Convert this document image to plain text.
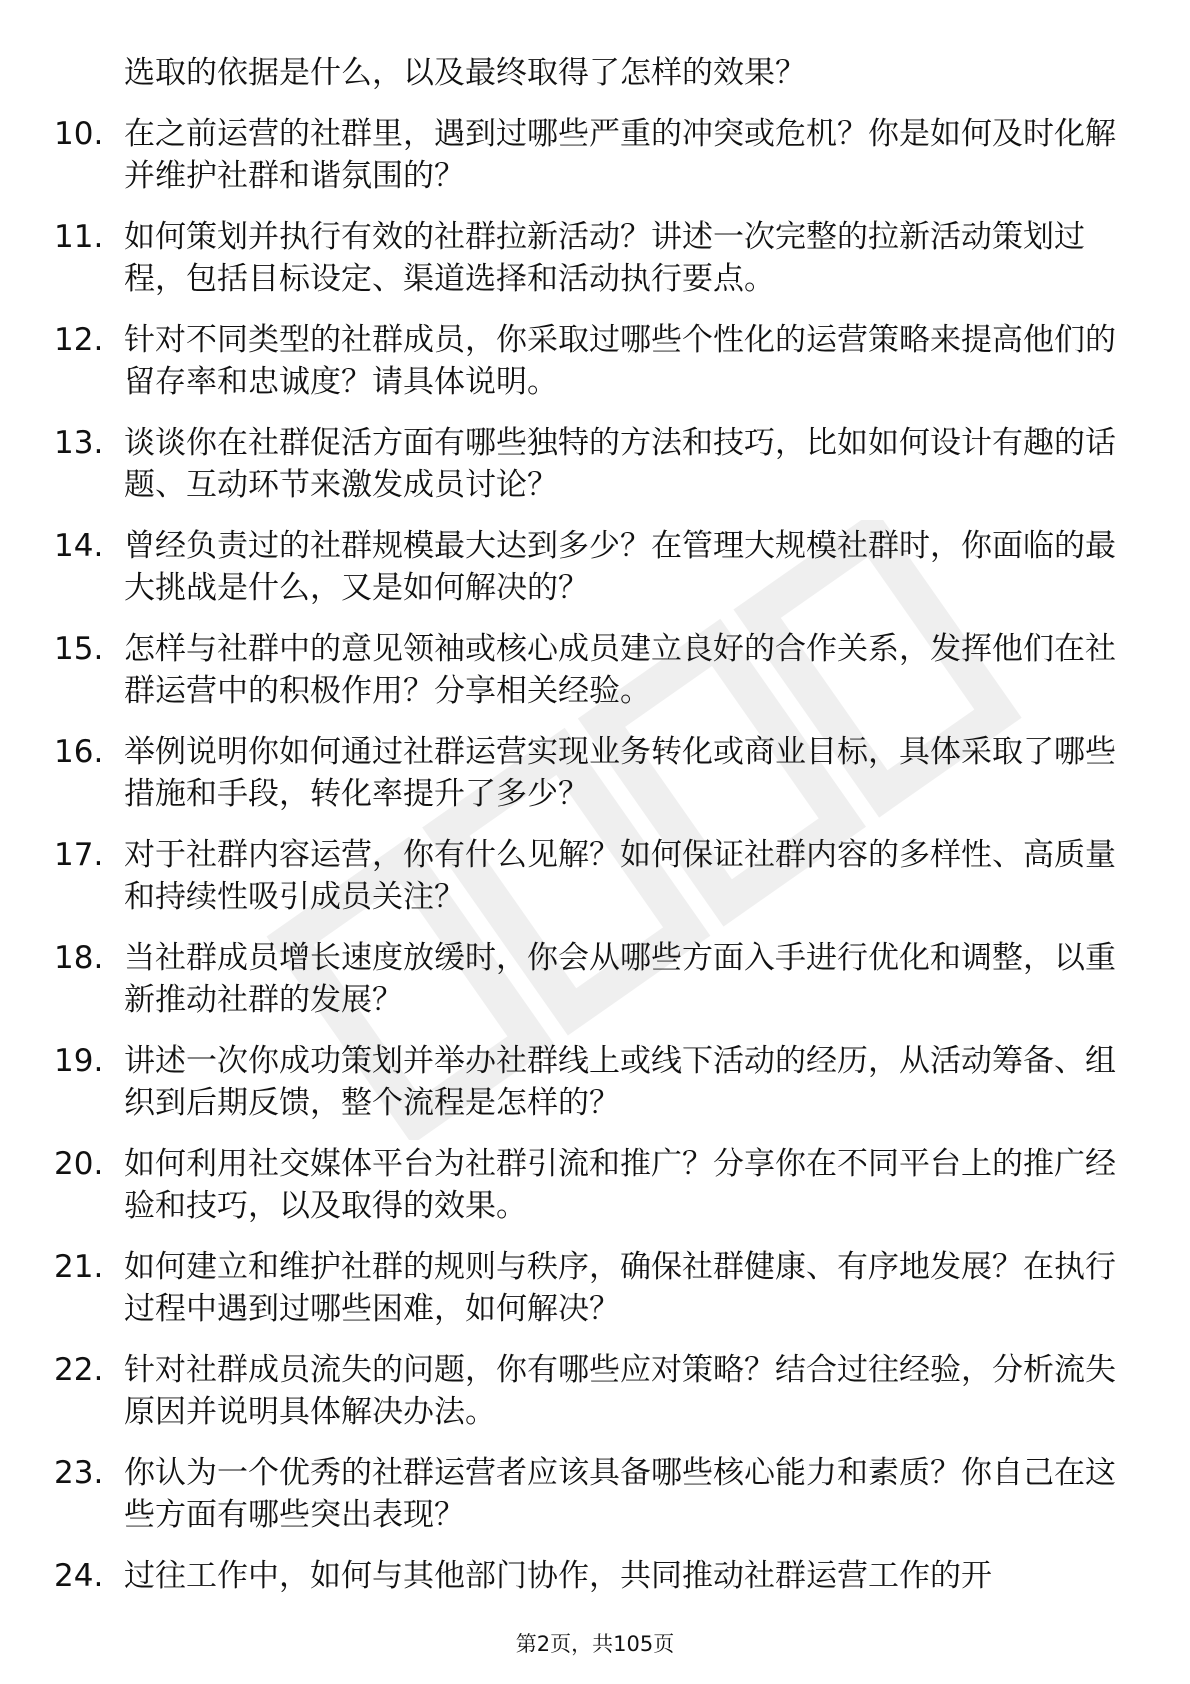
选取的依据是什么，以及最终取得了怎样的效果？
10. 在之前运营的社群里，遇到过哪些严重的冲突或危机？你是如何及时化解并维护社群和谐氛围的？
11. 如何策划并执行有效的社群拉新活动？讲述一次完整的拉新活动策划过程，包括目标设定、渠道选择和活动执行要点。
12. 针对不同类型的社群成员，你采取过哪些个性化的运营策略来提高他们的留存率和忠诚度？请具体说明。
13. 谈谈你在社群促活方面有哪些独特的方法和技巧，比如如何设计有趣的话题、互动环节来激发成员讨论？
14. 曾经负责过的社群规模最大达到多少？在管理大规模社群时，你面临的最大挑战是什么，又是如何解决的？
15. 怎样与社群中的意见领袖或核心成员建立良好的合作关系，发挥他们在社群运营中的积极作用？分享相关经验。
16. 举例说明你如何通过社群运营实现业务转化或商业目标，具体采取了哪些措施和手段，转化率提升了多少？
17. 对于社群内容运营，你有什么见解？如何保证社群内容的多样性、高质量和持续性吸引成员关注？
18. 当社群成员增长速度放缓时，你会从哪些方面入手进行优化和调整，以重新推动社群的发展？
19. 讲述一次你成功策划并举办社群线上或线下活动的经历，从活动筹备、组织到后期反馈，整个流程是怎样的？
20. 如何利用社交媒体平台为社群引流和推广？分享你在不同平台上的推广经验和技巧，以及取得的效果。
21. 如何建立和维护社群的规则与秩序，确保社群健康、有序地发展？在执行过程中遇到过哪些困难，如何解决？
22. 针对社群成员流失的问题，你有哪些应对策略？结合过往经验，分析流失原因并说明具体解决办法。
23. 你认为一个优秀的社群运营者应该具备哪些核心能力和素质？你自己在这些方面有哪些突出表现？
24. 过往工作中，如何与其他部门协作，共同推动社群运营工作的开
第2页，共105页
